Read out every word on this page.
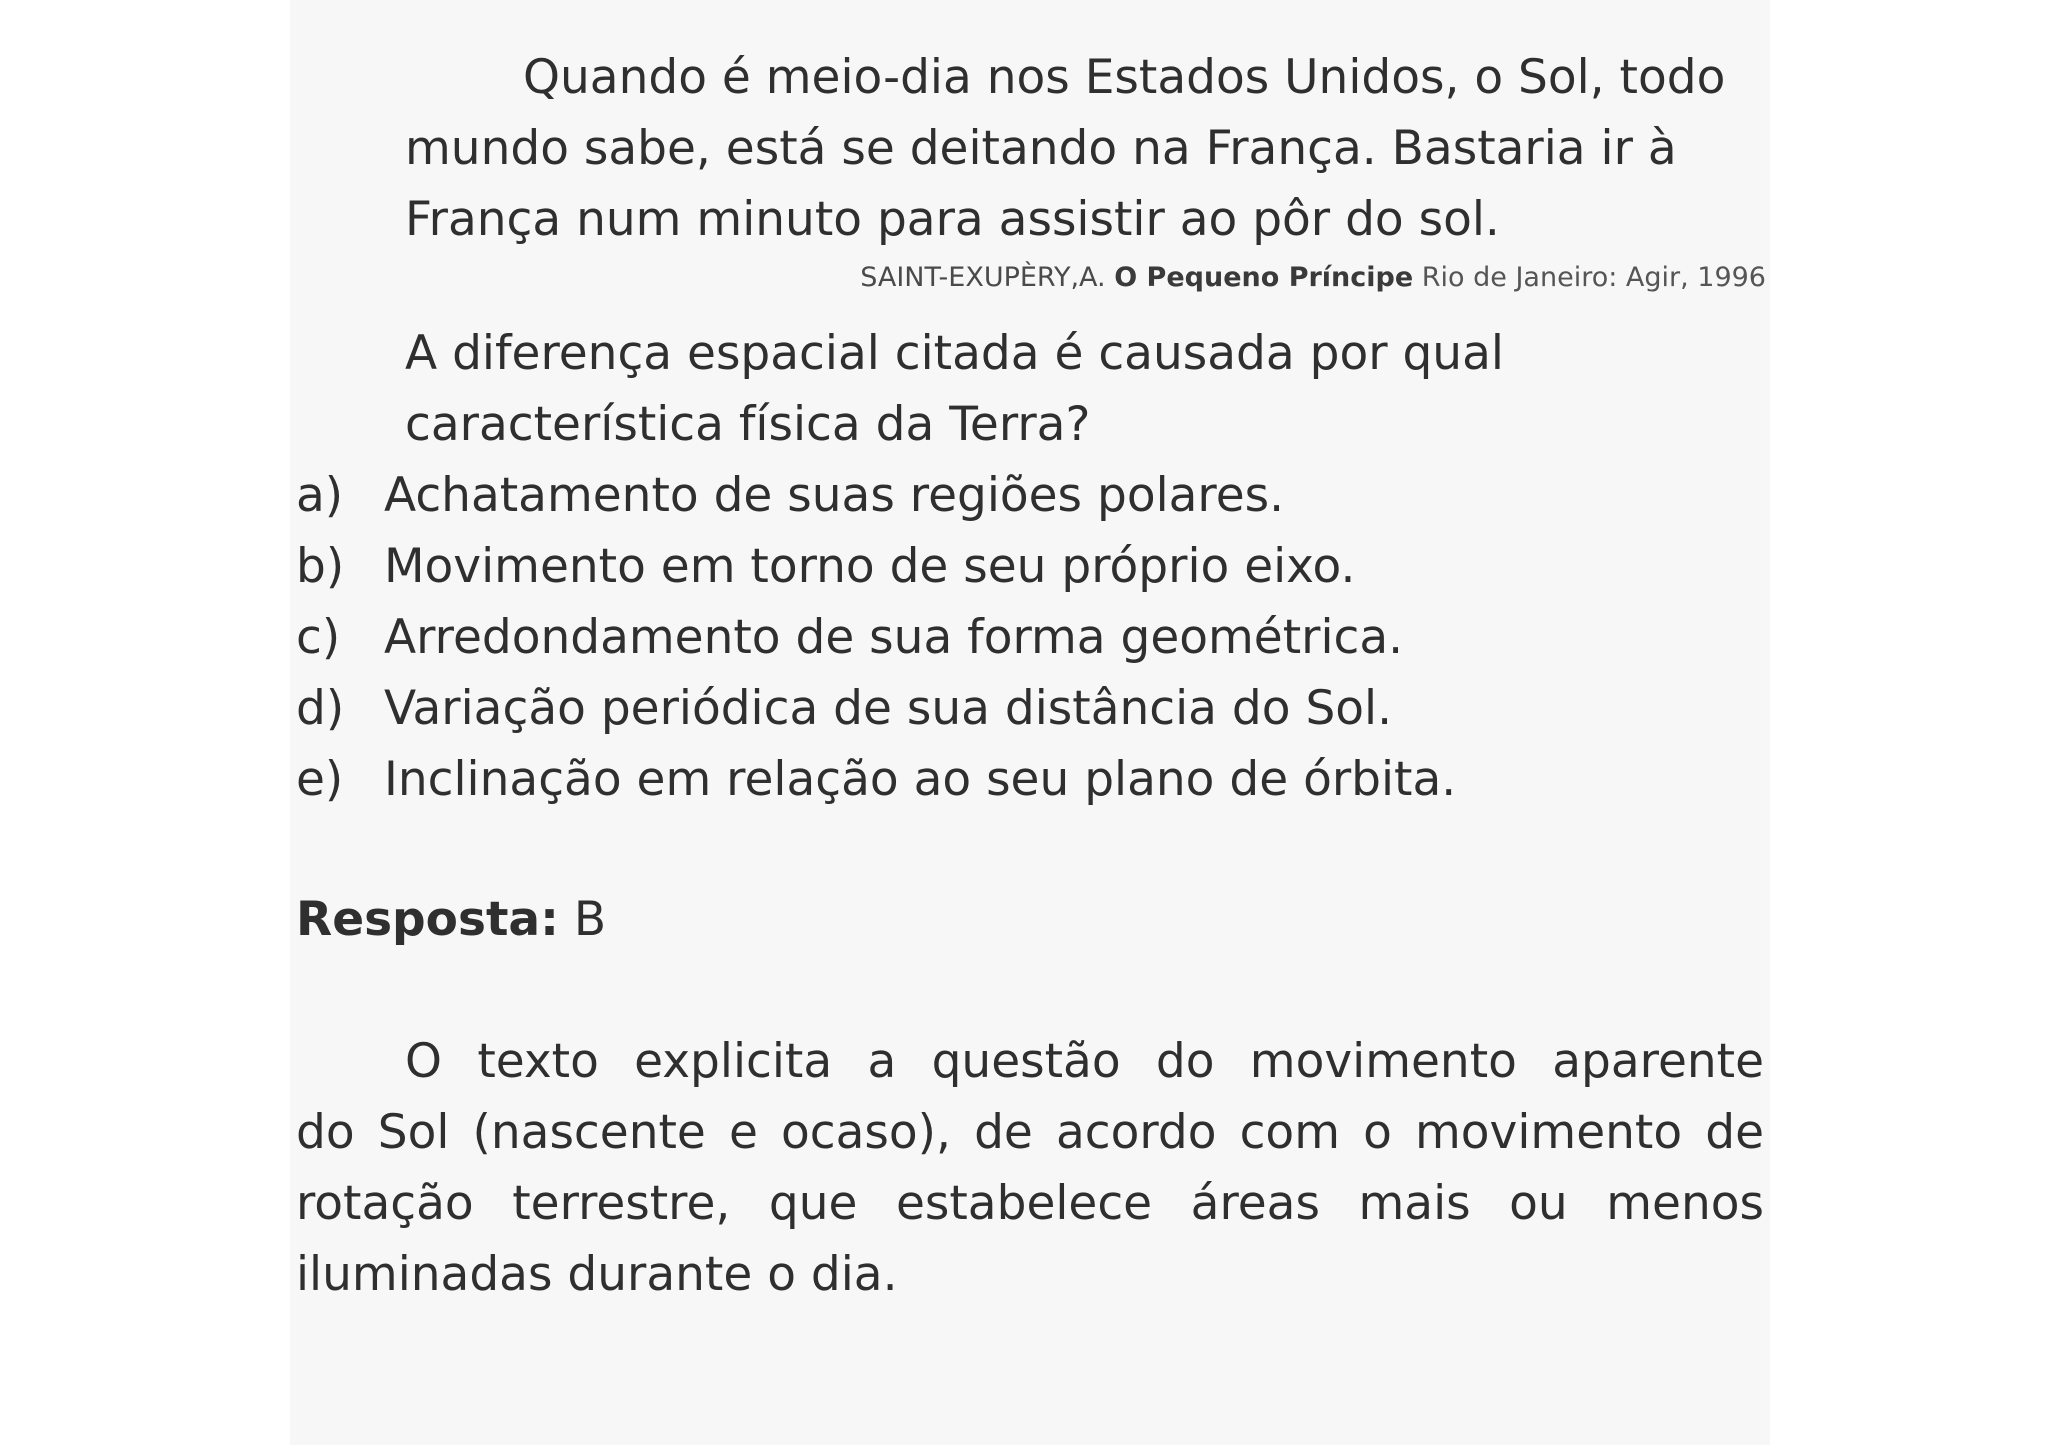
Quando é meio-dia nos Estados Unidos, o Sol, todo
mundo sabe, está se deitando na França. Bastaria ir à
França num minuto para assistir ao pôr do sol.
SAINT-EXUPÈRY,A. O Pequeno Príncipe Rio de Janeiro: Agir, 1996
A diferença espacial citada é causada por qual
característica física da Terra?
a) Achatamento de suas regiões polares.
b) Movimento em torno de seu próprio eixo.
c) Arredondamento de sua forma geométrica.
d) Variação periódica de sua distância do Sol.
e) Inclinação em relação ao seu plano de órbita.
Resposta: B
O texto explicita a questão do movimento aparente
do Sol (nascente e ocaso), de acordo com o movimento de
rotação terrestre, que estabelece áreas mais ou menos
iluminadas durante o dia.
